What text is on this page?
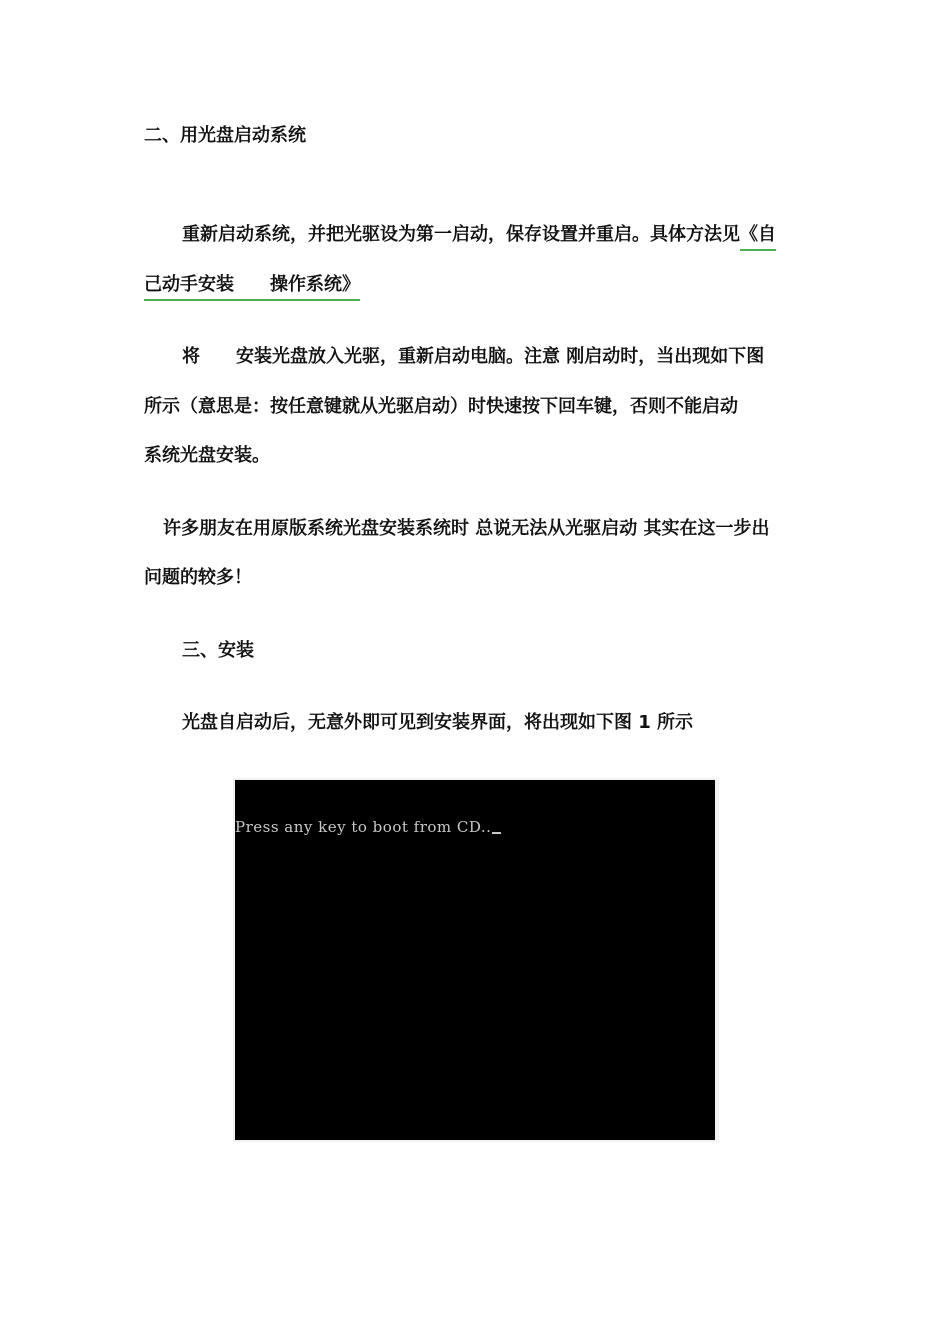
二、用光盘启动系统
重新启动系统，并把光驱设为第一启动，保存设置并重启。具体方法见《自
己动手安装 操作系统》
将 安装光盘放入光驱，重新启动电脑。注意 刚启动时，当出现如下图
所示（意思是：按任意键就从光驱启动）时快速按下回车键，否则不能启动
系统光盘安装。
许多朋友在用原版系统光盘安装系统时 总说无法从光驱启动 其实在这一步出
问题的较多！
三、安装
光盘自启动后，无意外即可见到安装界面，将出现如下图 1 所示
Press any key to boot from CD..
